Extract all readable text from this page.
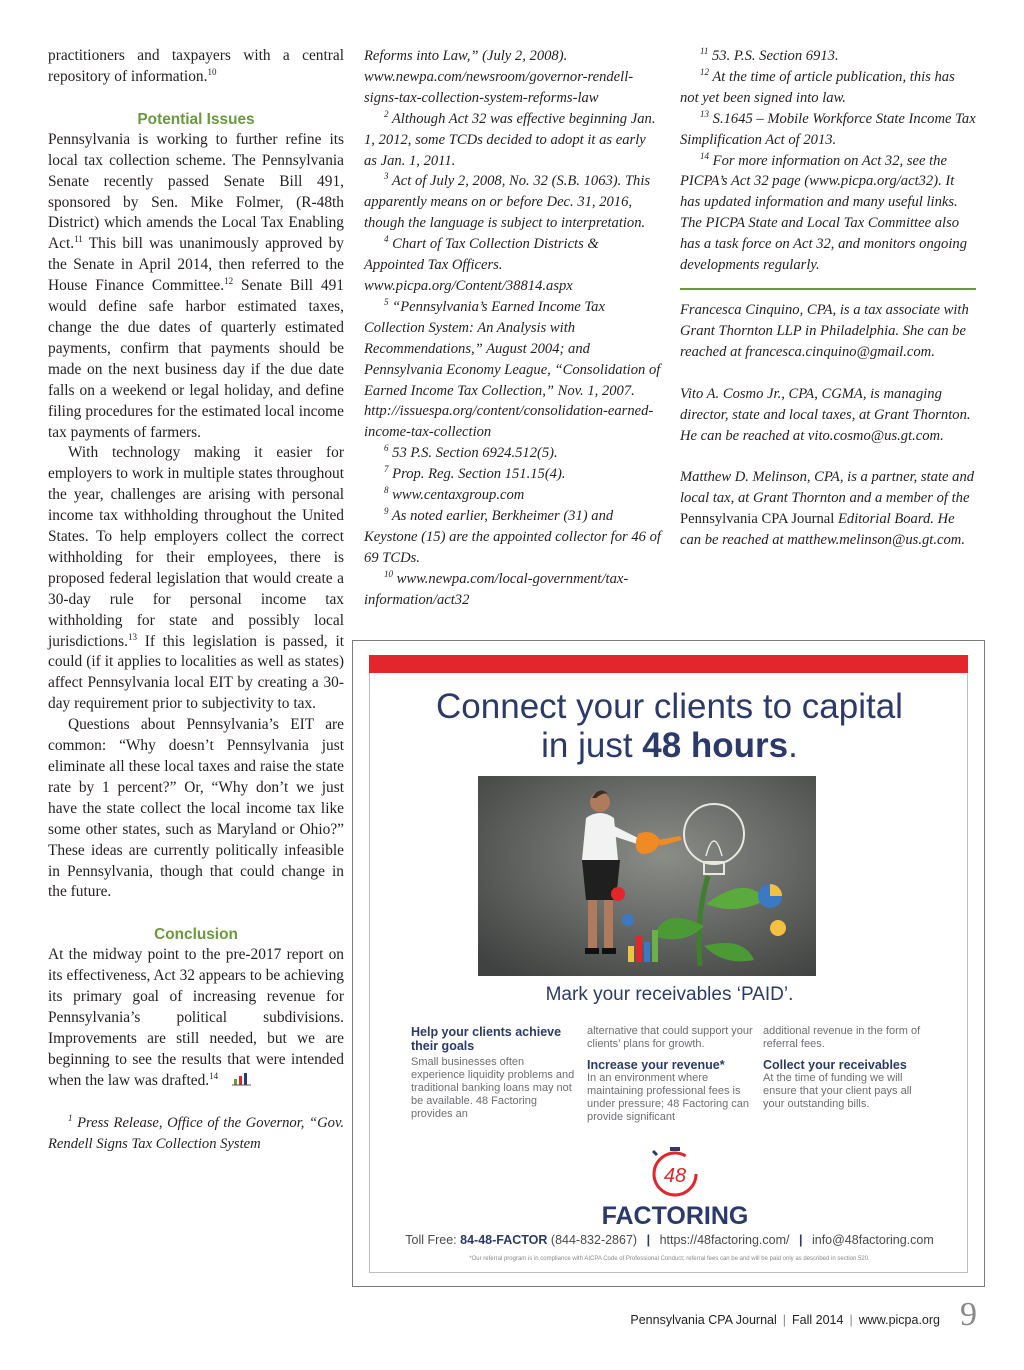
practitioners and taxpayers with a central repository of information.$^{10}$

Potential Issues

Pennsylvania is working to further refine its local tax collection scheme. The Pennsylvania Senate recently passed Senate Bill 491, sponsored by Sen. Mike Folmer, (R-48th District) which amends the Local Tax Enabling Act.$^{11}$ This bill was unanimously approved by the Senate in April 2014, then referred to the House Finance Committee.$^{12}$ Senate Bill 491 would define safe harbor estimated taxes, change the due dates of quarterly estimated payments, confirm that payments should be made on the next business day if the due date falls on a weekend or legal holiday, and define filing procedures for the estimated local income tax payments of farmers.

With technology making it easier for employers to work in multiple states throughout the year, challenges are arising with personal income tax withholding throughout the United States. To help employers collect the correct withholding for their employees, there is proposed federal legislation that would create a 30-day rule for personal income tax withholding for state and possibly local jurisdictions.$^{13}$ If this legislation is passed, it could (if it applies to localities as well as states) affect Pennsylvania local EIT by creating a 30-day requirement prior to subjectivity to tax.

Questions about Pennsylvania’s EIT are common: “Why doesn’t Pennsylvania just eliminate all these local taxes and raise the state rate by 1 percent?” Or, “Why don’t we just have the state collect the local income tax like some other states, such as Maryland or Ohio?” These ideas are currently politically infeasible in Pennsylvania, though that could change in the future.

Conclusion

At the midway point to the pre-2017 report on its effectiveness, Act 32 appears to be achieving its primary goal of increasing revenue for Pennsylvania’s political subdivisions. Improvements are still needed, but we are beginning to see the results that were intended when the law was drafted.$^{14}$

$^1$ Press Release, Office of the Governor, “Gov. Rendell Signs Tax Collection System

Reforms into Law,” (July 2, 2008). www.newpa.com/newsroom/governor-rendell-signs-tax-collection-system-reforms-law

$^2$ Although Act 32 was effective beginning Jan. 1, 2012, some TCDs decided to adopt it as early as Jan. 1, 2011.

$^3$ Act of July 2, 2008, No. 32 (S.B. 1063). This apparently means on or before Dec. 31, 2016, though the language is subject to interpretation.

$^4$ Chart of Tax Collection Districts & Appointed Tax Officers. www.picpa.org/Content/38814.aspx

$^5$ “Pennsylvania’s Earned Income Tax Collection System: An Analysis with Recommendations,” August 2004; and Pennsylvania Economy League, “Consolidation of Earned Income Tax Collection,” Nov. 1, 2007. http://issuespa.org/content/consolidation-earned-income-tax-collection

$^6$ 53 P.S. Section 6924.512(5).

$^7$ Prop. Reg. Section 151.15(4).

$^8$ www.centaxgroup.com

$^9$ As noted earlier, Berkheimer (31) and Keystone (15) are the appointed collector for 46 of 69 TCDs.

$^{10}$ www.newpa.com/local-government/tax-information/act32

$^{11}$ 53. P.S. Section 6913.

$^{12}$ At the time of article publication, this has not yet been signed into law.

$^{13}$ S.1645 – Mobile Workforce State Income Tax Simplification Act of 2013.

$^{14}$ For more information on Act 32, see the PICPA’s Act 32 page (www.picpa.org/act32). It has updated information and many useful links. The PICPA State and Local Tax Committee also has a task force on Act 32, and monitors ongoing developments regularly.

Francesca Cinquino, CPA, is a tax associate with Grant Thornton LLP in Philadelphia. She can be reached at francesca.cinquino@gmail.com.

Vito A. Cosmo Jr., CPA, CGMA, is managing director, state and local taxes, at Grant Thornton. He can be reached at vito.cosmo@us.gt.com.

Matthew D. Melinson, CPA, is a partner, state and local tax, at Grant Thornton and a member of the Pennsylvania CPA Journal Editorial Board. He can be reached at matthew.melinson@us.gt.com.

Connect your clients to capital
in just 48 hours.
Mark your receivables ‘PAID’.
Help your clients achieve their goals
Small businesses often experience liquidity problems and traditional banking loans may not be available. 48 Factoring provides an
alternative that could support your clients’ plans for growth.
Increase your revenue*
In an environment where maintaining professional fees is under pressure; 48 Factoring can provide significant
additional revenue in the form of referral fees.
Collect your receivables
At the time of funding we will ensure that your client pays all your outstanding bills.
48
FACTORING
Toll Free: 84-48-FACTOR (844-832-2867) | https://48factoring.com/ | info@48factoring.com
*Our referral program is in compliance with AICPA Code of Professional Conduct; referral fees can be and will be paid only as described in section 520.
Pennsylvania CPA Journal | Fall 2014 | www.picpa.org 9
